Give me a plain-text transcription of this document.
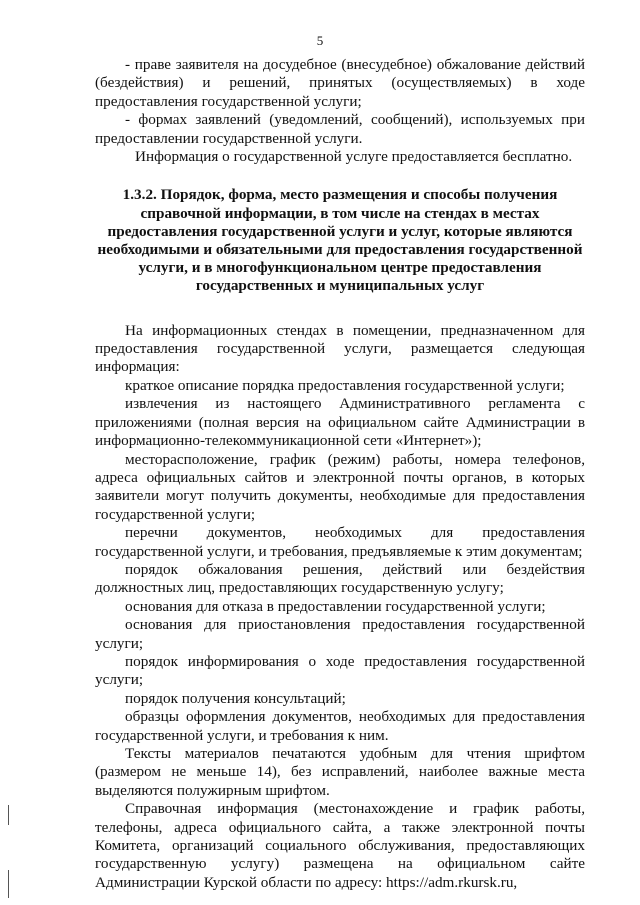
5

- праве заявителя на досудебное (внесудебное) обжалование действий (бездействия) и решений, принятых (осуществляемых) в ходе предоставления государственной услуги;

- формах заявлений (уведомлений, сообщений), используемых при предоставлении государственной услуги.

Информация о государственной услуге предоставляется бесплатно.

1.3.2. Порядок, форма, место размещения и способы получения справочной информации, в том числе на стендах в местах предоставления государственной услуги и услуг, которые являются необходимыми и обязательными для предоставления государственной услуги, и в многофункциональном центре предоставления государственных и муниципальных услуг

На информационных стендах в помещении, предназначенном для предоставления государственной услуги, размещается следующая информация:

краткое описание порядка предоставления государственной услуги;

извлечения из настоящего Административного регламента с приложениями (полная версия на официальном сайте Администрации в информационно-телекоммуникационной сети «Интернет»);

месторасположение, график (режим) работы, номера телефонов, адреса официальных сайтов и электронной почты органов, в которых заявители могут получить документы, необходимые для предоставления государственной услуги;

перечни документов, необходимых для предоставления государственной услуги, и требования, предъявляемые к этим документам;

порядок обжалования решения, действий или бездействия должностных лиц, предоставляющих государственную услугу;

основания для отказа в предоставлении государственной услуги;

основания для приостановления предоставления государственной услуги;

порядок информирования о ходе предоставления государственной услуги;

порядок получения консультаций;

образцы оформления документов, необходимых для предоставления государственной услуги, и требования к ним.

Тексты материалов печатаются удобным для чтения шрифтом (размером не меньше 14), без исправлений, наиболее важные места выделяются полужирным шрифтом.

Справочная информация (местонахождение и график работы, телефоны, адреса официального сайта, а также электронной почты Комитета, организаций социального обслуживания, предоставляющих государственную услугу) размещена на официальном сайте Администрации Курской области по адресу: https://adm.rkursk.ru,
